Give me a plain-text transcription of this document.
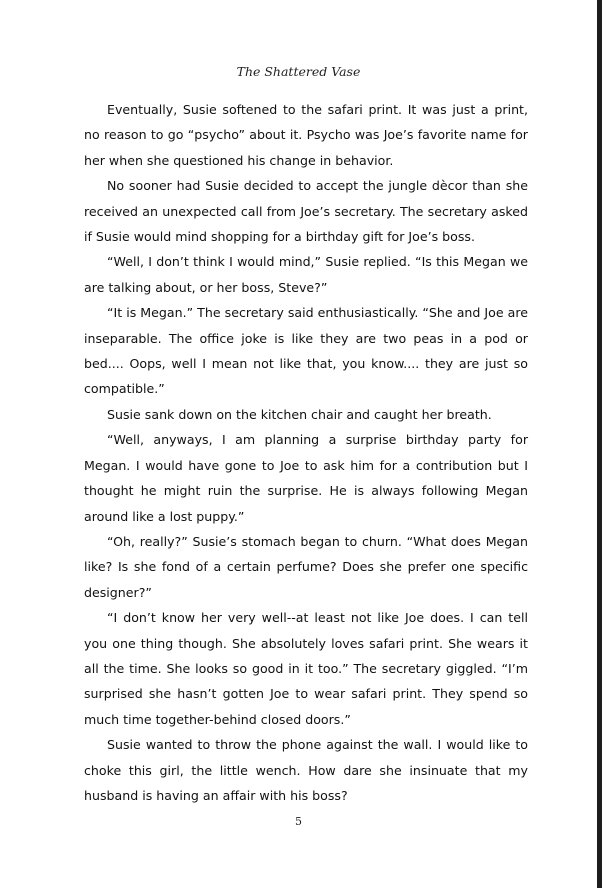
The Shattered Vase

Eventually, Susie softened to the safari print. It was just a print, no reason to go “psycho” about it. Psycho was Joe’s favorite name for her when she questioned his change in behavior.

No sooner had Susie decided to accept the jungle dècor than she received an unexpected call from Joe’s secretary. The secretary asked if Susie would mind shopping for a birthday gift for Joe’s boss.

“Well, I don’t think I would mind,” Susie replied. “Is this Megan we are talking about, or her boss, Steve?”

“It is Megan.” The secretary said enthusiastically. “She and Joe are inseparable. The office joke is like they are two peas in a pod or bed.... Oops, well I mean not like that, you know.... they are just so compatible.”

Susie sank down on the kitchen chair and caught her breath.

“Well, anyways, I am planning a surprise birthday party for Megan. I would have gone to Joe to ask him for a contribution but I thought he might ruin the surprise. He is always following Megan around like a lost puppy.”

“Oh, really?” Susie’s stomach began to churn. “What does Megan like? Is she fond of a certain perfume? Does she prefer one specific designer?”

“I don’t know her very well--at least not like Joe does. I can tell you one thing though. She absolutely loves safari print. She wears it all the time. She looks so good in it too.” The secretary giggled. “I’m surprised she hasn’t gotten Joe to wear safari print. They spend so much time together-behind closed doors.”

Susie wanted to throw the phone against the wall. I would like to choke this girl, the little wench. How dare she insinuate that my husband is having an affair with his boss?

5
